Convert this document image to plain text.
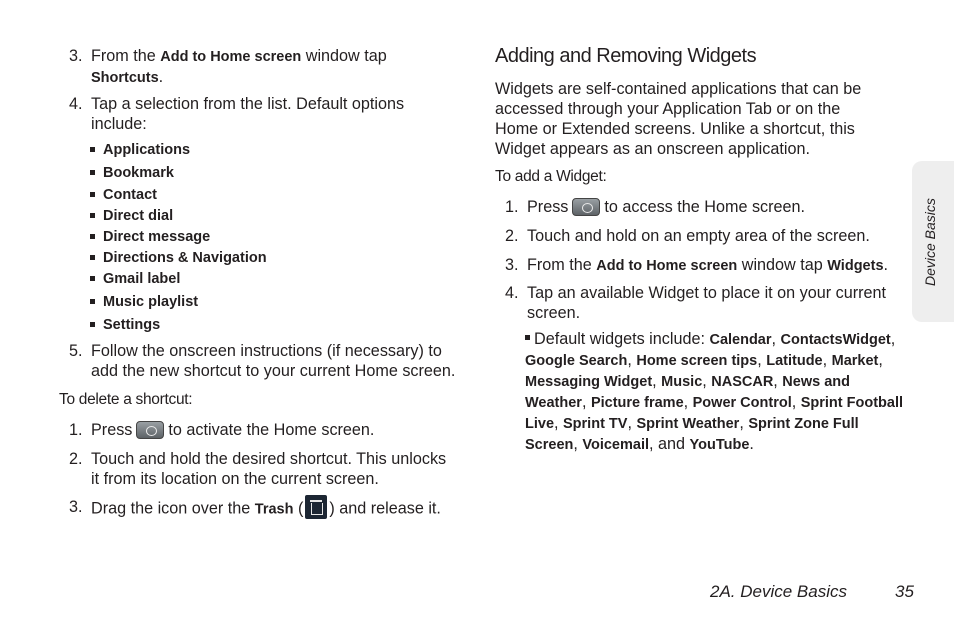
3. From the Add to Home screen window tap
Shortcuts.
4. Tap a selection from the list. Default options
include:
Applications
Bookmark
Contact
Direct dial
Direct message
Directions & Navigation
Gmail label
Music playlist
Settings
5. Follow the onscreen instructions (if necessary) to
add the new shortcut to your current Home screen.
To delete a shortcut:
1. Press to activate the Home screen.
2. Touch and hold the desired shortcut. This unlocks
it from its location on the current screen.
3. Drag the icon over the Trash ( ) and release it.
Adding and Removing Widgets
Widgets are self-contained applications that can be
accessed through your Application Tab or on the
Home or Extended screens. Unlike a shortcut, this
Widget appears as an onscreen application.
To add a Widget:
1. Press to access the Home screen.
2. Touch and hold on an empty area of the screen.
3. From the Add to Home screen window tap Widgets.
4. Tap an available Widget to place it on your current
screen.
Default widgets include: Calendar, ContactsWidget, Google Search, Home screen tips, Latitude, Market, Messaging Widget, Music, NASCAR, News and Weather, Picture frame, Power Control, Sprint Football Live, Sprint TV, Sprint Weather, Sprint Zone Full Screen, Voicemail, and YouTube.
Device Basics
2A. Device Basics	35
